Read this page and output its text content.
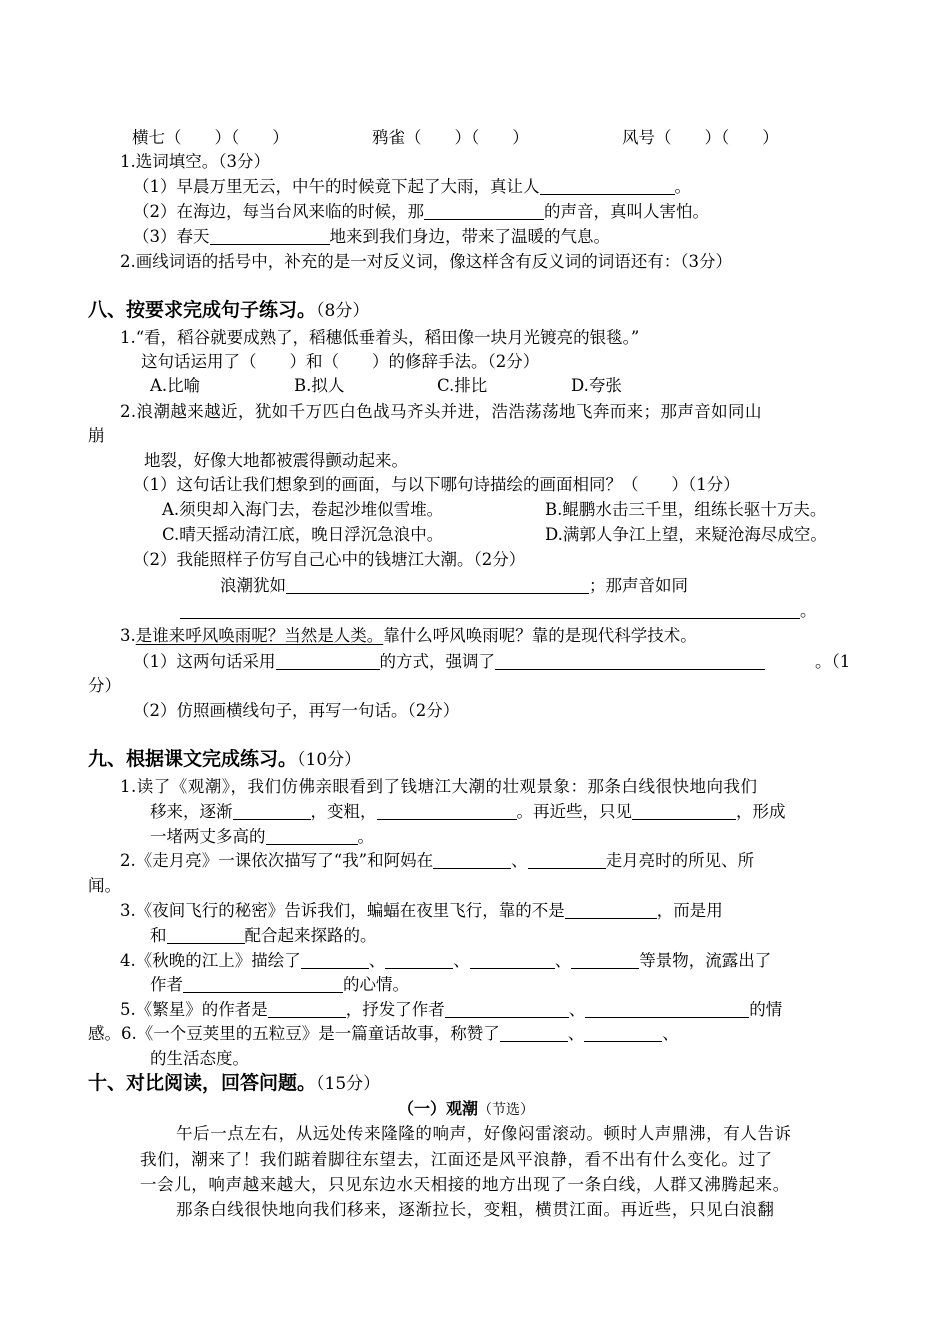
横七（　　）（　　）	鸦雀（　　）（　　）	风号（　　）（　　）
1.选词填空。（3分）
（1）早晨万里无云，中午的时候竟下起了大雨，真让人	。
（2）在海边，每当台风来临的时候，那	的声音，真叫人害怕。
（3）春天	地来到我们身边，带来了温暖的气息。
2.画线词语的括号中，补充的是一对反义词，像这样含有反义词的词语还有：（3分）
八、按要求完成句子练习。（8分）
1.“看，稻谷就要成熟了，稻穗低垂着头，稻田像一块月光镀亮的银毯。”
这句话运用了（　　）和（　　）的修辞手法。（2分）
A.比喻	B.拟人	C.排比	D.夸张
2.浪潮越来越近，犹如千万匹白色战马齐头并进，浩浩荡荡地飞奔而来；那声音如同山
崩
地裂，好像大地都被震得颤动起来。
（1）这句话让我们想象到的画面，与以下哪句诗描绘的画面相同？（　　）（1分）
A.须臾却入海门去，卷起沙堆似雪堆。	B.鲲鹏水击三千里，组练长驱十万夫。
C.晴天摇动清江底，晚日浮沉急浪中。	D.满郭人争江上望，来疑沧海尽成空。
（2）我能照样子仿写自己心中的钱塘江大潮。（2分）
浪潮犹如	；那声音如同
。
3.是谁来呼风唤雨呢？当然是人类。靠什么呼风唤雨呢？靠的是现代科学技术。
（1）这两句话采用	的方式，强调了	。（1
分）
（2）仿照画横线句子，再写一句话。（2分）
九、根据课文完成练习。（10分）
1.读了《观潮》，我们仿佛亲眼看到了钱塘江大潮的壮观景象：那条白线很快地向我们
移来，逐渐	，变粗，	。再近些，只见	，形成
一堵两丈多高的	。
2.《走月亮》一课依次描写了“我”和阿妈在	、	走月亮时的所见、所
闻。
3.《夜间飞行的秘密》告诉我们，蝙蝠在夜里飞行，靠的不是	，而是用
和	配合起来探路的。
4.《秋晚的江上》描绘了	、	、	、	等景物，流露出了
作者	的心情。
5.《繁星》的作者是	，抒发了作者	、	的情
感。6.《一个豆荚里的五粒豆》是一篇童话故事，称赞了	、	、
的生活态度。
十、对比阅读，回答问题。（15分）
（一）观潮（节选）
午后一点左右，从远处传来隆隆的响声，好像闷雷滚动。顿时人声鼎沸，有人告诉
我们，潮来了！我们踮着脚往东望去，江面还是风平浪静，看不出有什么变化。过了
一会儿，响声越来越大，只见东边水天相接的地方出现了一条白线，人群又沸腾起来。
那条白线很快地向我们移来，逐渐拉长，变粗，横贯江面。再近些，只见白浪翻
